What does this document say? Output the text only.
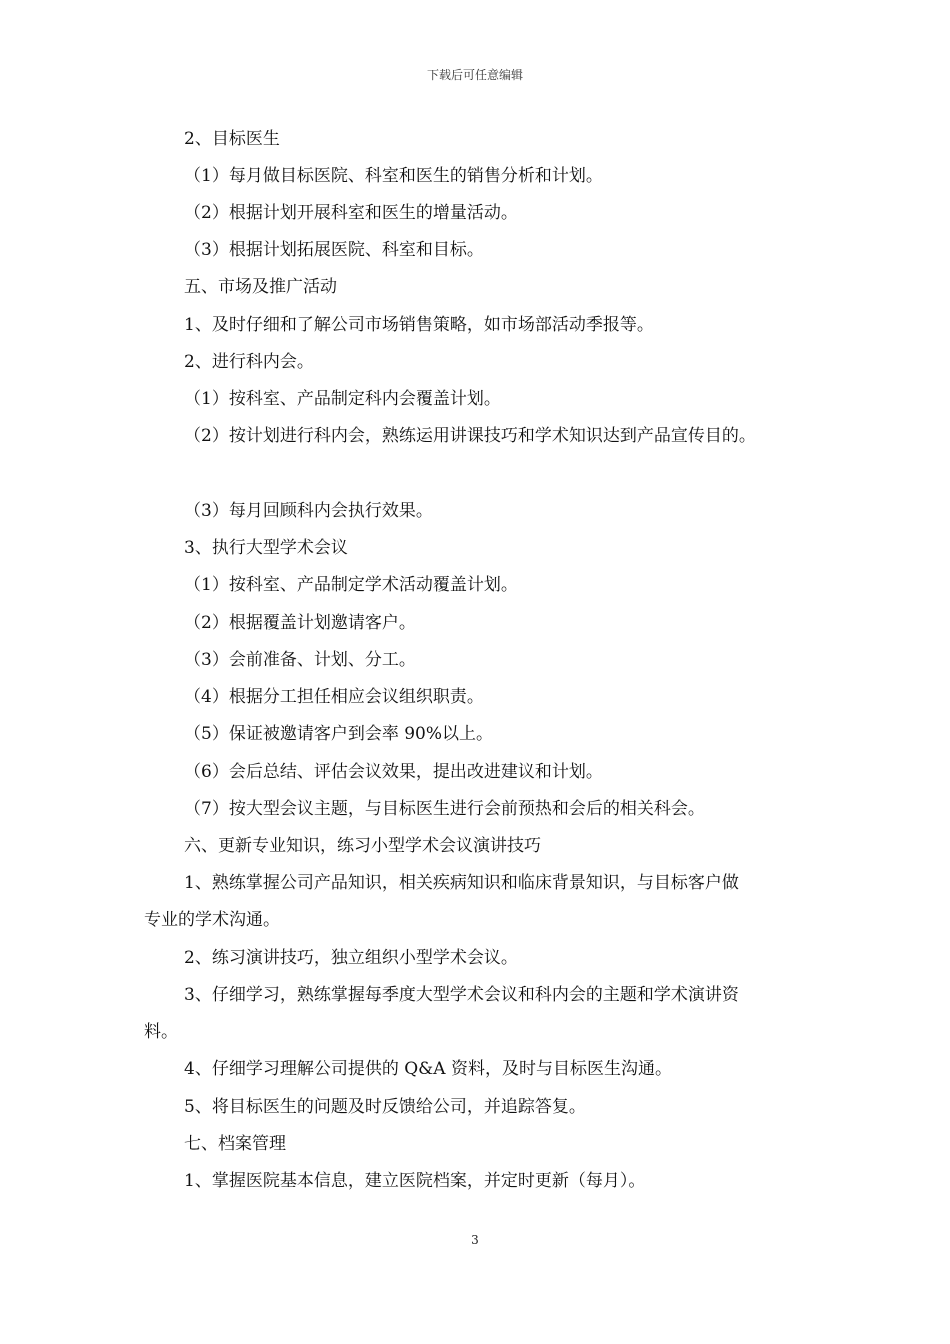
下载后可任意编辑
2、目标医生
（1）每月做目标医院、科室和医生的销售分析和计划。
（2）根据计划开展科室和医生的增量活动。
（3）根据计划拓展医院、科室和目标。
五、市场及推广活动
1、及时仔细和了解公司市场销售策略，如市场部活动季报等。
2、进行科内会。
（1）按科室、产品制定科内会覆盖计划。
（2）按计划进行科内会，熟练运用讲课技巧和学术知识达到产品宣传目的。
（3）每月回顾科内会执行效果。
3、执行大型学术会议
（1）按科室、产品制定学术活动覆盖计划。
（2）根据覆盖计划邀请客户。
（3）会前准备、计划、分工。
（4）根据分工担任相应会议组织职责。
（5）保证被邀请客户到会率 90%以上。
（6）会后总结、评估会议效果，提出改进建议和计划。
（7）按大型会议主题，与目标医生进行会前预热和会后的相关科会。
六、更新专业知识，练习小型学术会议演讲技巧
1、熟练掌握公司产品知识，相关疾病知识和临床背景知识，与目标客户做
专业的学术沟通。
2、练习演讲技巧，独立组织小型学术会议。
3、仔细学习，熟练掌握每季度大型学术会议和科内会的主题和学术演讲资
料。
4、仔细学习理解公司提供的 Q&A 资料，及时与目标医生沟通。
5、将目标医生的问题及时反馈给公司，并追踪答复。
七、档案管理
1、掌握医院基本信息，建立医院档案，并定时更新（每月）。
3
